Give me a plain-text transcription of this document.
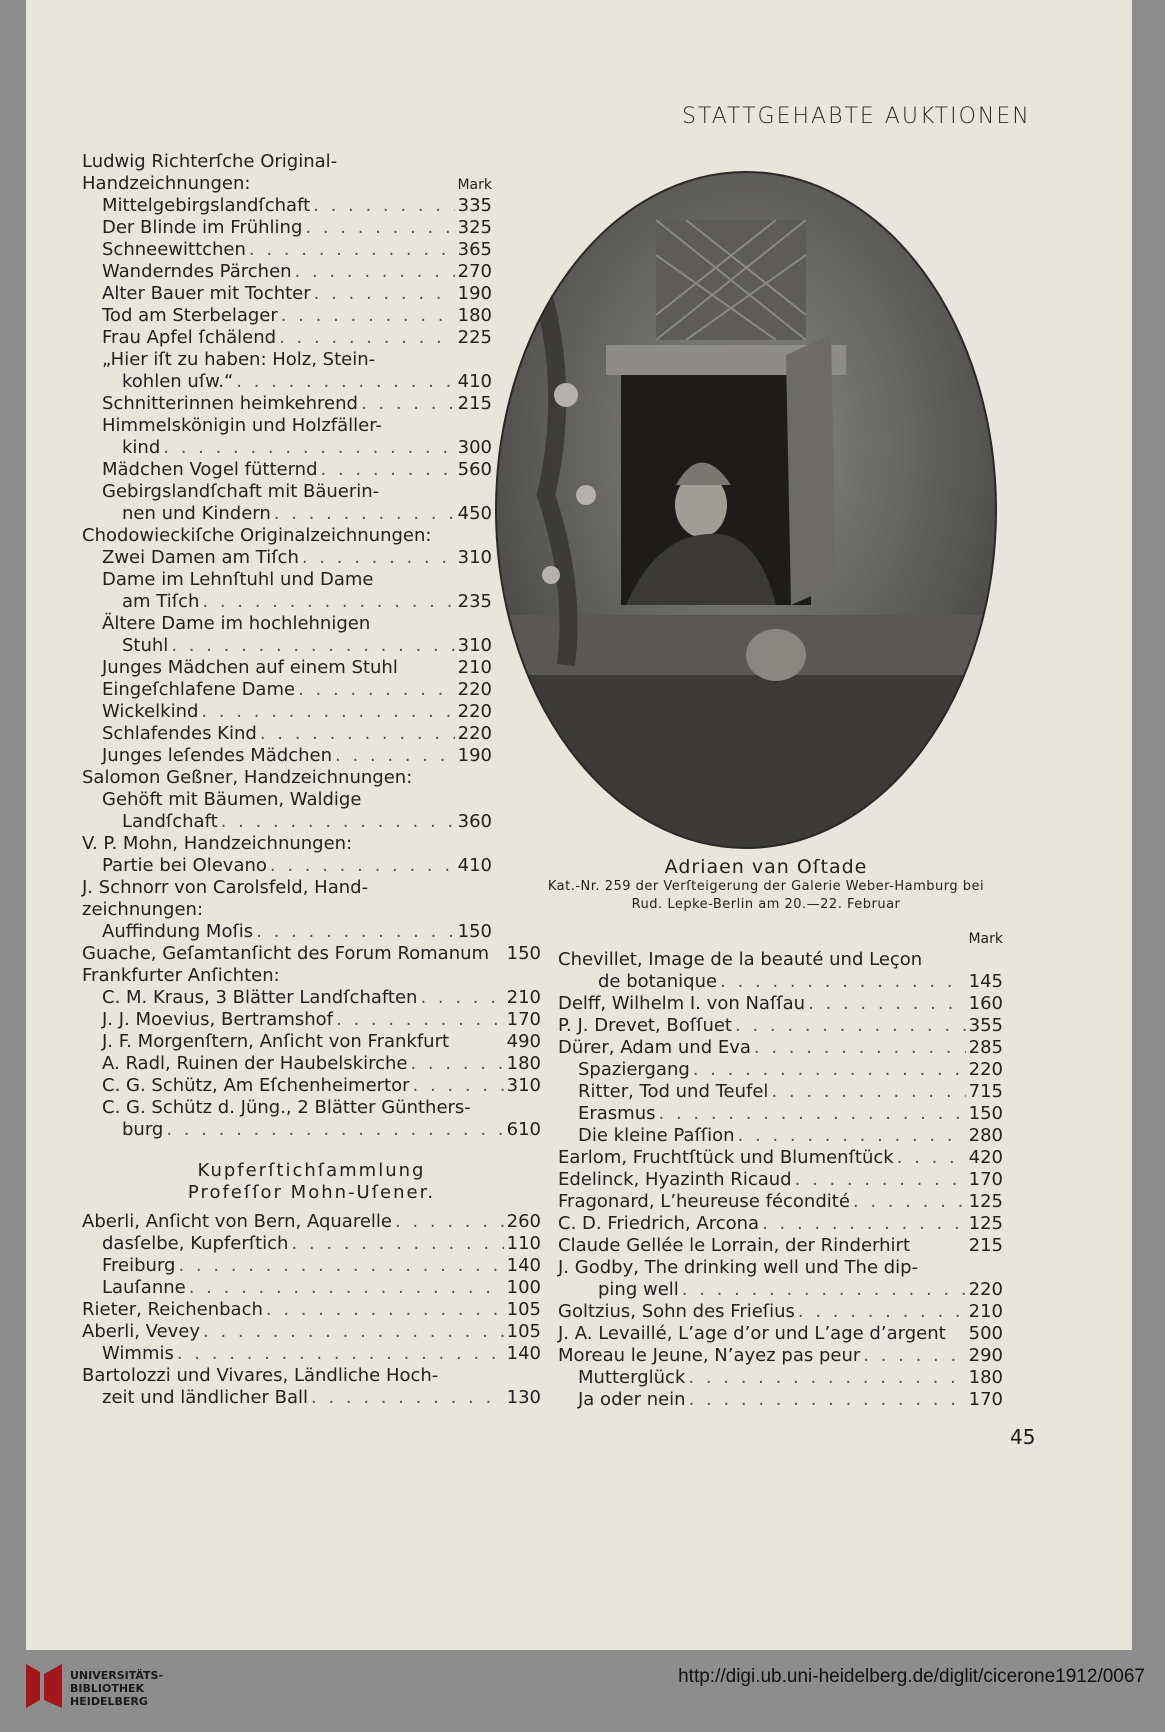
STATTGEHABTE AUKTIONEN
Ludwig Richterſche Original-
Handzeichnungen:	Mark
Mittelgebirgslandſchaft . . .	335
Der Blinde im Frühling . . .	325
Schneewittchen . . .	365
Wanderndes Pärchen . . .	270
Alter Bauer mit Tochter . . .	190
Tod am Sterbelager . . .	180
Frau Apfel ſchälend . . .	225
„Hier iſt zu haben: Holz, Stein-
kohlen uſw.“ . . .	410
Schnitterinnen heimkehrend . . .	215
Himmelskönigin und Holzfäller-
kind . . .	300
Mädchen Vogel fütternd . . .	560
Gebirgslandſchaft mit Bäuerin-
nen und Kindern . . .	450
Chodowieckiſche Originalzeichnungen:
Zwei Damen am Tiſch . . .	310
Dame im Lehnſtuhl und Dame
am Tiſch . . .	235
Ältere Dame im hochlehnigen
Stuhl . . .	310
Junges Mädchen auf einem Stuhl	210
Eingeſchlafene Dame . . .	220
Wickelkind . . .	220
Schlafendes Kind . . .	220
Junges leſendes Mädchen . . .	190
Salomon Geßner, Handzeichnungen:
Gehöft mit Bäumen, Waldige
Landſchaft . . .	360
V. P. Mohn, Handzeichnungen:
Partie bei Olevano . . .	410
J. Schnorr von Carolsfeld, Hand-
zeichnungen:
Auffindung Moſis . . .	150
Guache, Geſamtanſicht des Forum Romanum 150
Frankfurter Anſichten:
C. M. Kraus, 3 Blätter Landſchaften . . .	210
J. J. Moevius, Bertramshof . . .	170
J. F. Morgenſtern, Anſicht von Frankfurt	490
A. Radl, Ruinen der Haubelskirche . . .	180
C. G. Schütz, Am Eſchenheimertor . . .	310
C. G. Schütz d. Jüng., 2 Blätter Günthers-
burg . . .	610
Kupferſtichſammlung
Profeſſor Mohn-Uſener.
Aberli, Anſicht von Bern, Aquarelle . . .	260
dasſelbe, Kupferſtich . . .	110
Freiburg . . .	140
Lauſanne . . .	100
Rieter, Reichenbach . . .	105
Aberli, Vevey . . .	105
Wimmis . . .	140
Bartolozzi und Vivares, Ländliche Hoch-
zeit und ländlicher Ball . . .	130
Mark
Chevillet, Image de la beauté und Leçon
de botanique . . .	145
Delff, Wilhelm I. von Naſſau . . .	160
P. J. Drevet, Boſſuet . . .	355
Dürer, Adam und Eva . . .	285
Spaziergang . . .	220
Ritter, Tod und Teufel . . .	715
Erasmus . . .	150
Die kleine Paſſion . . .	280
Earlom, Fruchtſtück und Blumenſtück . . .	420
Edelinck, Hyazinth Ricaud . . .	170
Fragonard, L’heureuse fécondité . . .	125
C. D. Friedrich, Arcona . . .	125
Claude Gellée le Lorrain, der Rinderhirt	215
J. Godby, The drinking well und The dip-
ping well . . .	220
Goltzius, Sohn des Frieſius . . .	210
J. A. Levaillé, L’age d’or und L’age d’argent 500
Moreau le Jeune, N’ayez pas peur . . .	290
Mutterglück . . .	180
Ja oder nein . . .	170
Adriaen van Oſtade
Kat.-Nr. 259 der Verſteigerung der Galerie Weber-Hamburg bei
Rud. Lepke-Berlin am 20.—22. Februar
45
UNIVERSITÄTS-
BIBLIOTHEK
HEIDELBERG
http://digi.ub.uni-heidelberg.de/diglit/cicerone1912/0067
